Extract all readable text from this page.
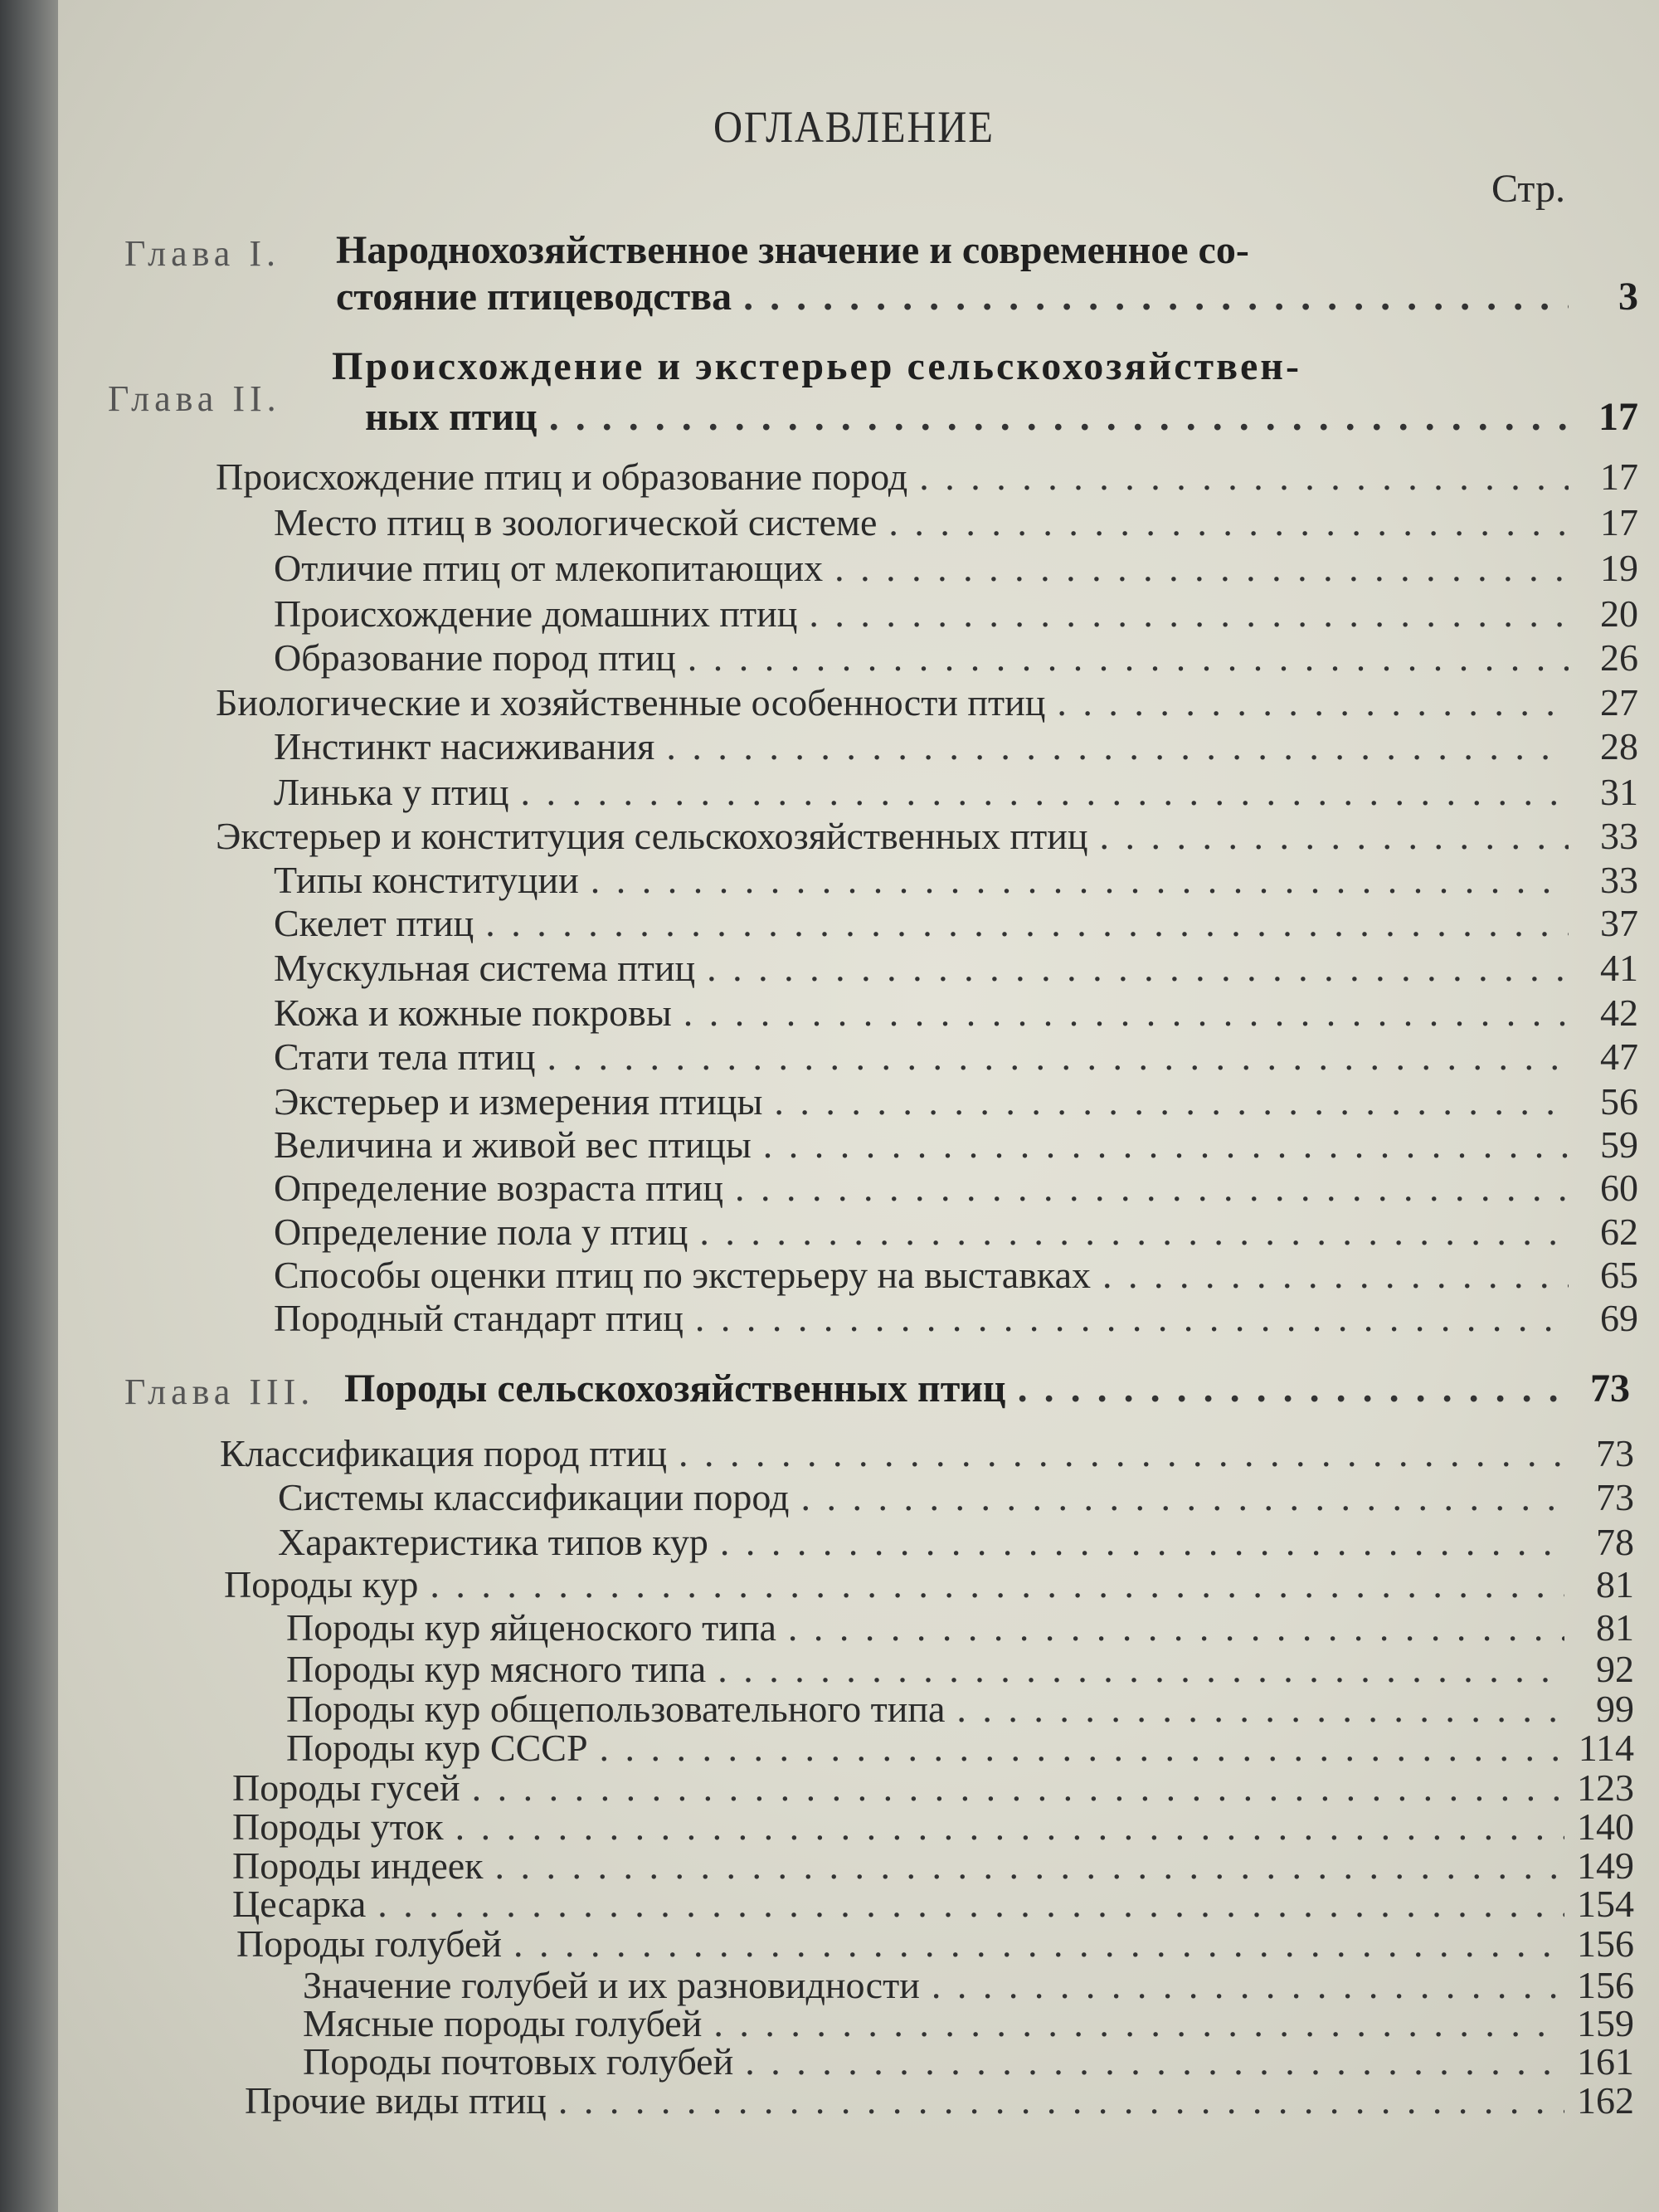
ОГЛАВЛЕНИЕ
Стр.
Глава I. Народнохозяйственное значение и современное со-
стояние птицеводства . . .	3
Глава II.
Происхождение и экстерьер сельскохозяйствен-
ных птиц . . .	17
Происхождение птиц и образование пород . . .	17
Место птиц в зоологической системе . . .	17
Отличие птиц от млекопитающих . . .	19
Происхождение домашних птиц . . .	20
Образование пород птиц . . .	26
Биологические и хозяйственные особенности птиц . . .	27
Инстинкт насиживания . . .	28
Линька у птиц . . .	31
Экстерьер и конституция сельскохозяйственных птиц . . .	33
Типы конституции . . .	33
Скелет птиц . . .	37
Мускульная система птиц . . .	41
Кожа и кожные покровы . . .	42
Стати тела птиц . . .	47
Экстерьер и измерения птицы . . .	56
Величина и живой вес птицы . . .	59
Определение возраста птиц . . .	60
Определение пола у птиц . . .	62
Способы оценки птиц по экстерьеру на выставках . . .	65
Породный стандарт птиц . . .	69
Глава III. Породы сельскохозяйственных птиц . . .	73
Классификация пород птиц . . .	73
Системы классификации пород . . .	73
Характеристика типов кур . . .	78
Породы кур . . .	81
Породы кур яйценоского типа . . .	81
Породы кур мясного типа . . .	92
Породы кур общепользовательного типа . . .	99
Породы кур СССР . . .	114
Породы гусей . . .	123
Породы уток . . .	140
Породы индеек . . .	149
Цесарка . . .	154
Породы голубей . . .	156
Значение голубей и их разновидности . . .	156
Мясные породы голубей . . .	159
Породы почтовых голубей . . .	161
Прочие виды птиц . . .	162
